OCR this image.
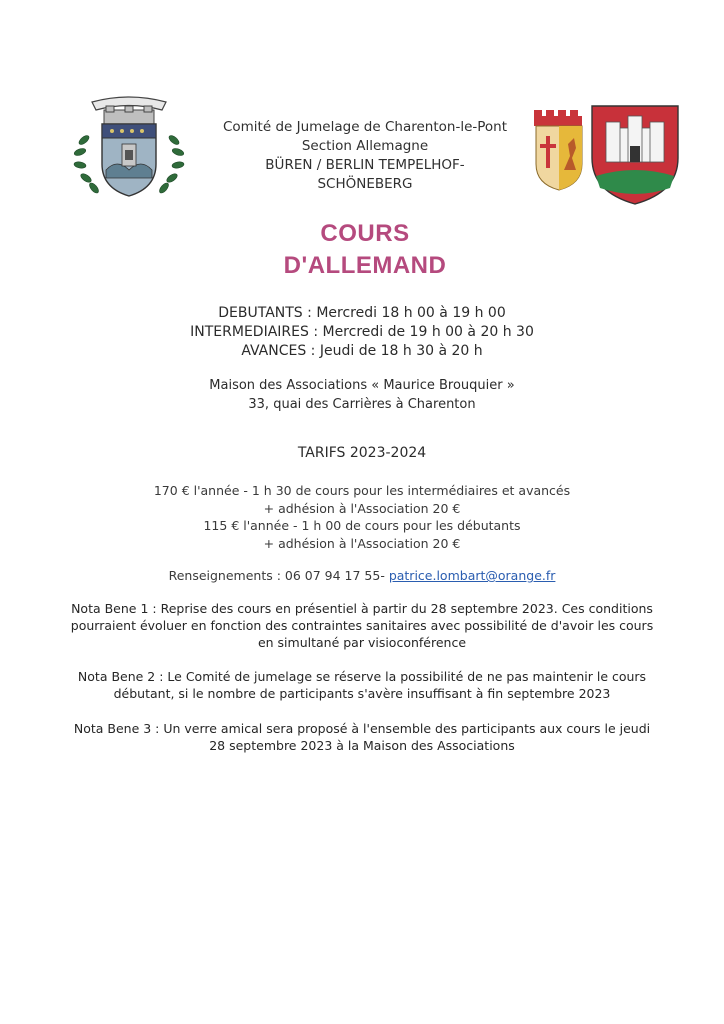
Comité de Jumelage de Charenton-le-Pont
Section Allemagne
BÜREN / BERLIN TEMPELHOF-
SCHÖNEBERG
COURS
D'ALLEMAND
DEBUTANTS : Mercredi 18 h 00 à 19 h 00
INTERMEDIAIRES : Mercredi de 19 h 00 à 20 h 30
AVANCES : Jeudi de 18 h 30 à 20 h
Maison des Associations « Maurice Brouquier »
33, quai des Carrières à Charenton
TARIFS 2023-2024
170 € l'année - 1 h 30 de cours pour les intermédiaires et avancés
+ adhésion à l'Association 20 €
115 € l'année - 1 h 00 de cours pour les débutants
+ adhésion à l'Association 20 €
Renseignements : 06 07 94 17 55- patrice.lombart@orange.fr
Nota Bene 1 : Reprise des cours en présentiel à partir du 28 septembre 2023. Ces conditions
pourraient évoluer en fonction des contraintes sanitaires avec possibilité de d'avoir les cours
en simultané par visioconférence
Nota Bene 2 : Le Comité de jumelage se réserve la possibilité de ne pas maintenir le cours
débutant, si le nombre de participants s'avère insuffisant à fin septembre 2023
Nota Bene 3 : Un verre amical sera proposé à l'ensemble des participants aux cours le jeudi
28 septembre 2023 à la Maison des Associations
